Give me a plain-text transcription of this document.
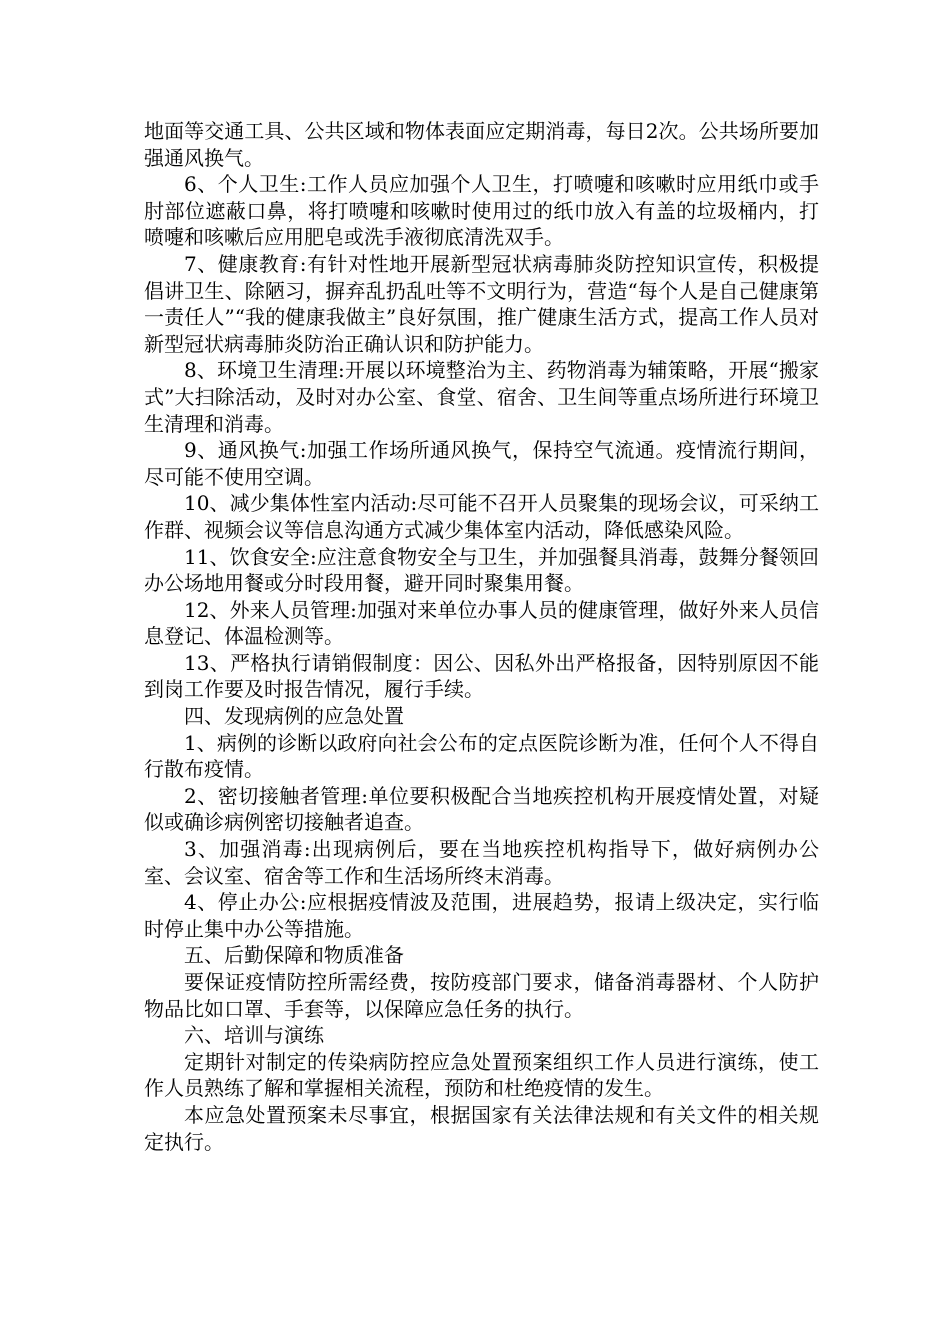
地面等交通工具、公共区域和物体表面应定期消毒，每日2次。公共场所要加强通风换气。

6、个人卫生:工作人员应加强个人卫生，打喷嚏和咳嗽时应用纸巾或手肘部位遮蔽口鼻，将打喷嚏和咳嗽时使用过的纸巾放入有盖的垃圾桶内，打喷嚏和咳嗽后应用肥皂或洗手液彻底清洗双手。

7、健康教育:有针对性地开展新型冠状病毒肺炎防控知识宣传，积极提倡讲卫生、除陋习，摒弃乱扔乱吐等不文明行为，营造“每个人是自己健康第一责任人”“我的健康我做主”良好氛围，推广健康生活方式，提高工作人员对新型冠状病毒肺炎防治正确认识和防护能力。

8、环境卫生清理:开展以环境整治为主、药物消毒为辅策略，开展“搬家式”大扫除活动，及时对办公室、食堂、宿舍、卫生间等重点场所进行环境卫生清理和消毒。

9、通风换气:加强工作场所通风换气，保持空气流通。疫情流行期间，尽可能不使用空调。

10、减少集体性室内活动:尽可能不召开人员聚集的现场会议，可采纳工作群、视频会议等信息沟通方式减少集体室内活动，降低感染风险。

11、饮食安全:应注意食物安全与卫生，并加强餐具消毒，鼓舞分餐领回办公场地用餐或分时段用餐，避开同时聚集用餐。

12、外来人员管理:加强对来单位办事人员的健康管理，做好外来人员信息登记、体温检测等。

13、严格执行请销假制度：因公、因私外出严格报备，因特别原因不能到岗工作要及时报告情况，履行手续。

四、发现病例的应急处置

1、病例的诊断以政府向社会公布的定点医院诊断为准，任何个人不得自行散布疫情。

2、密切接触者管理:单位要积极配合当地疾控机构开展疫情处置，对疑似或确诊病例密切接触者追查。

3、加强消毒:出现病例后，要在当地疾控机构指导下，做好病例办公室、会议室、宿舍等工作和生活场所终末消毒。

4、停止办公:应根据疫情波及范围，进展趋势，报请上级决定，实行临时停止集中办公等措施。

五、后勤保障和物质准备

要保证疫情防控所需经费，按防疫部门要求，储备消毒器材、个人防护物品比如口罩、手套等，以保障应急任务的执行。

六、培训与演练

定期针对制定的传染病防控应急处置预案组织工作人员进行演练，使工作人员熟练了解和掌握相关流程，预防和杜绝疫情的发生。

本应急处置预案未尽事宜，根据国家有关法律法规和有关文件的相关规定执行。
